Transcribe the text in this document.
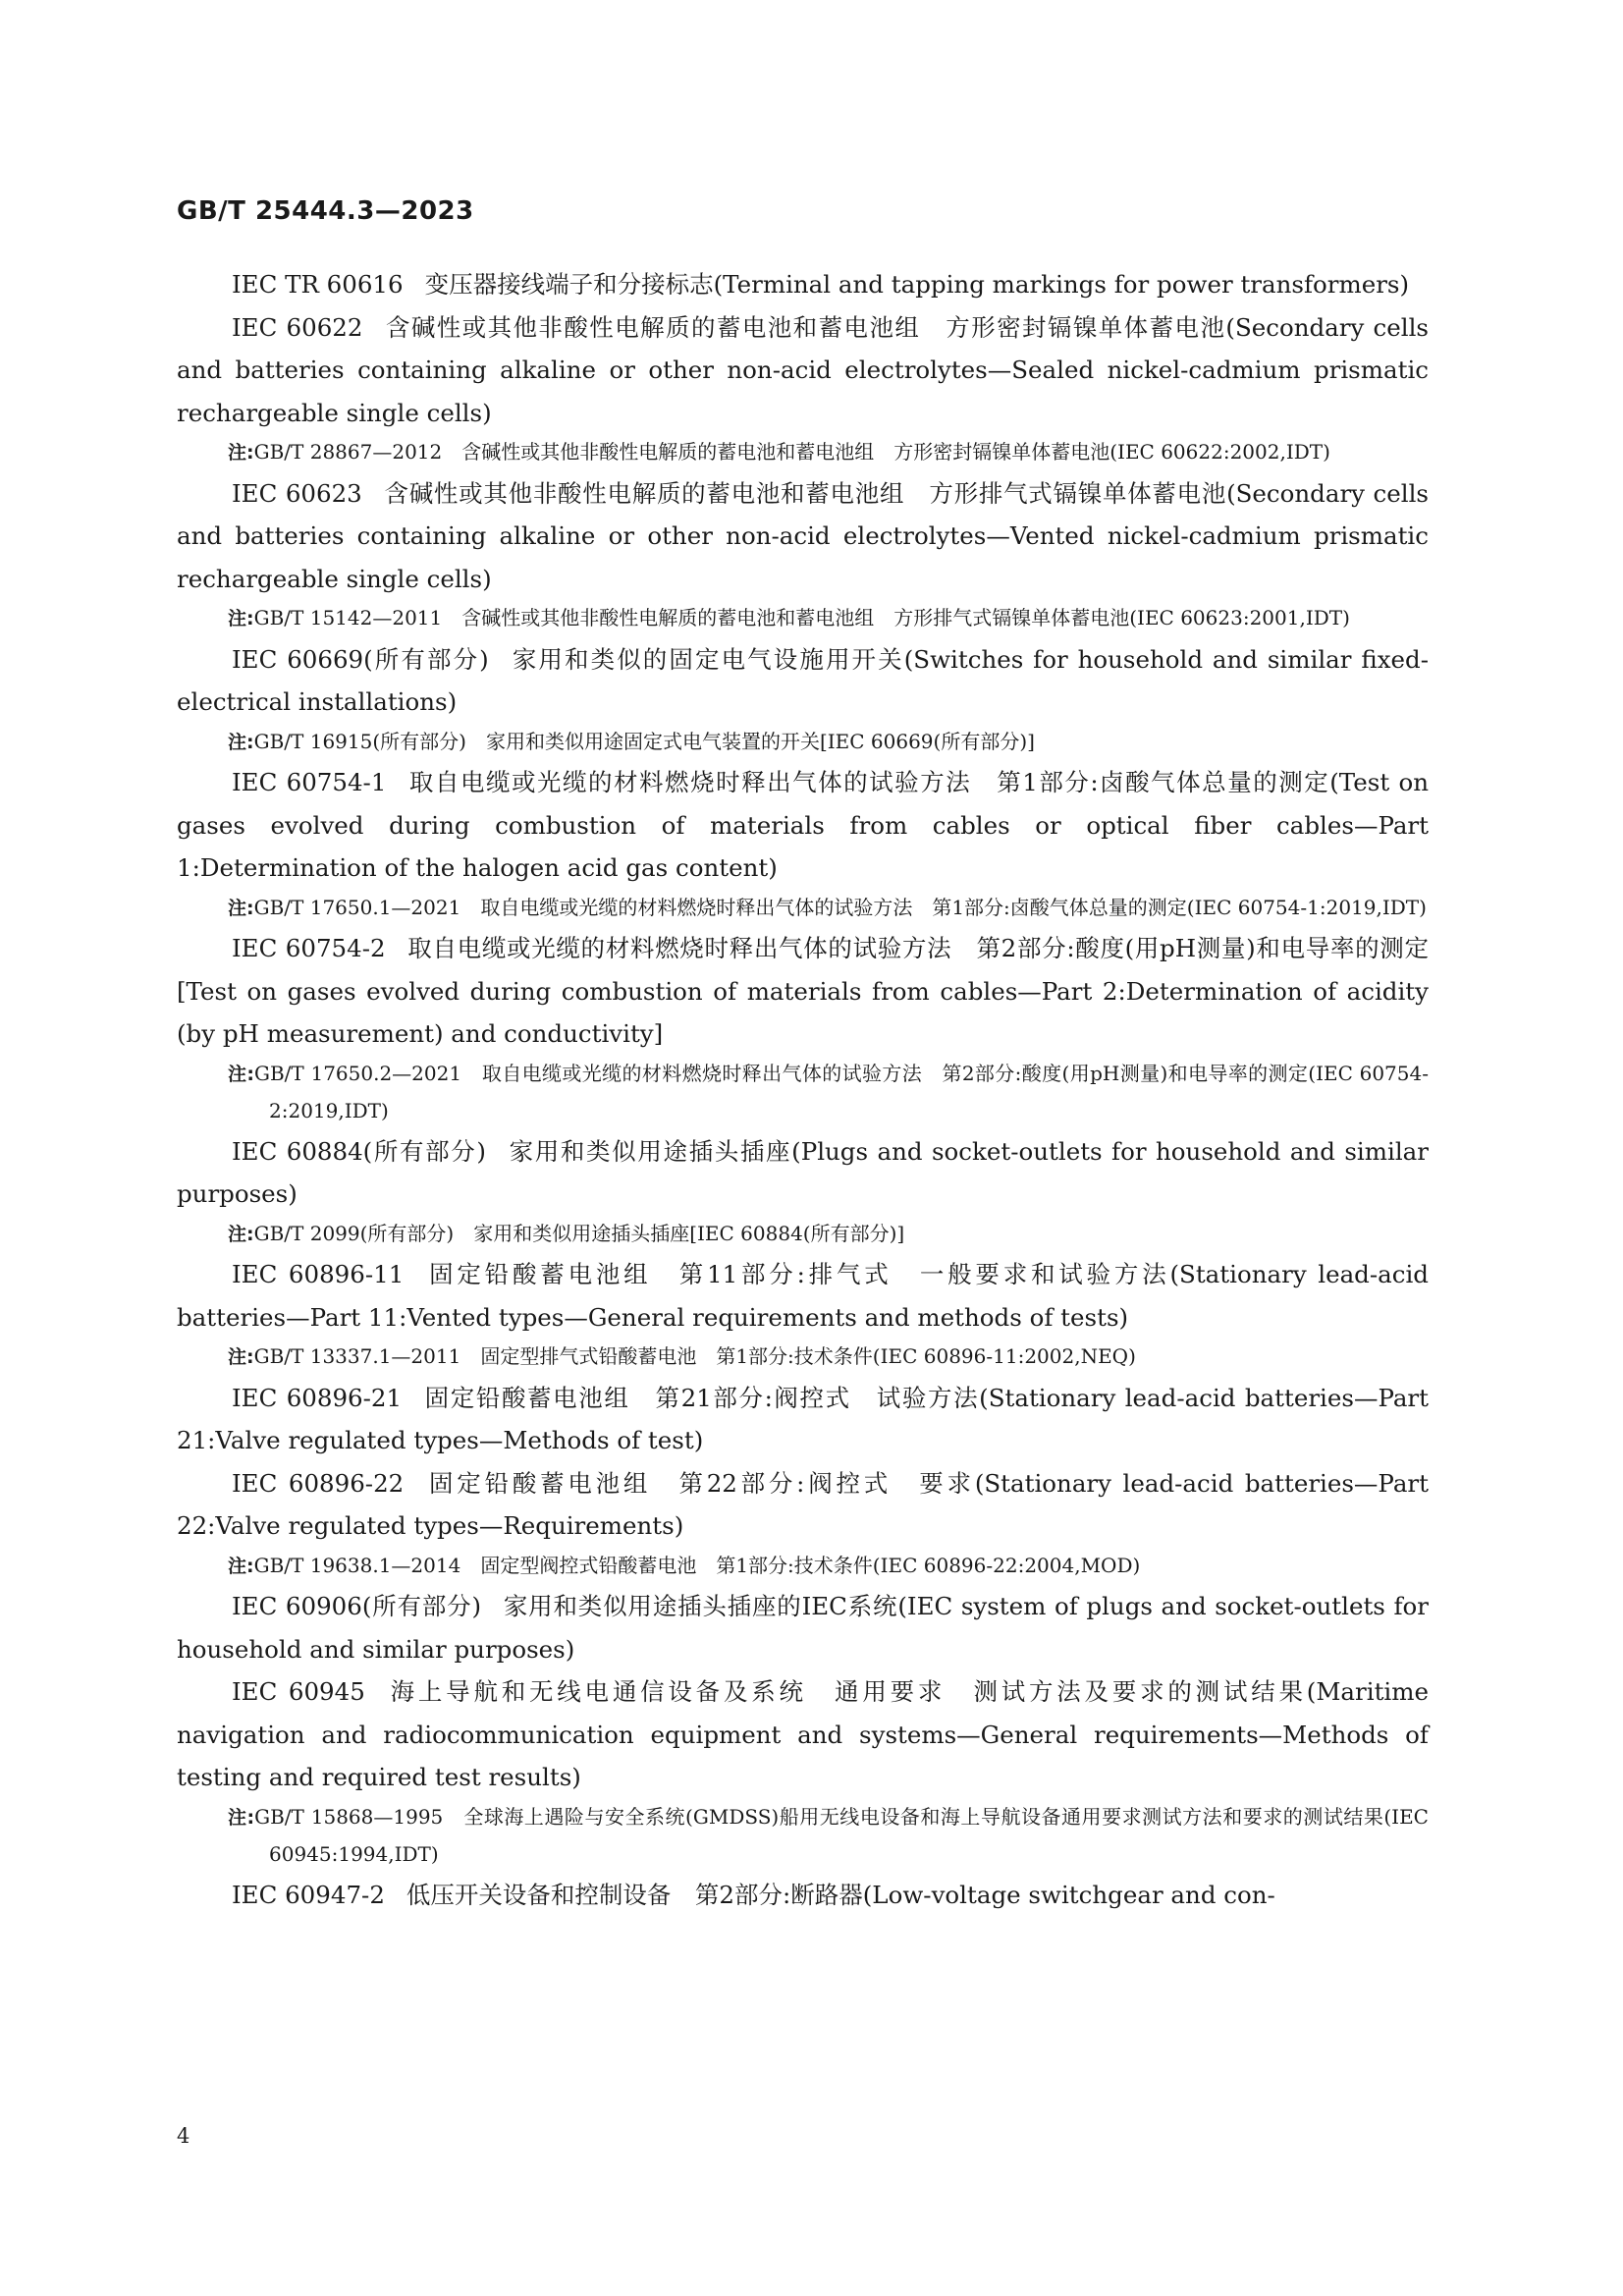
GB/T 25444.3—2023

IEC TR 60616 变压器接线端子和分接标志(Terminal and tapping markings for power transformers)

IEC 60622 含碱性或其他非酸性电解质的蓄电池和蓄电池组　方形密封镉镍单体蓄电池(Secondary cells and batteries containing alkaline or other non-acid electrolytes—Sealed nickel-cadmium prismatic rechargeable single cells)

注:GB/T 28867—2012　含碱性或其他非酸性电解质的蓄电池和蓄电池组　方形密封镉镍单体蓄电池(IEC 60622:2002,IDT)

IEC 60623 含碱性或其他非酸性电解质的蓄电池和蓄电池组　方形排气式镉镍单体蓄电池(Secondary cells and batteries containing alkaline or other non-acid electrolytes—Vented nickel-cadmium prismatic rechargeable single cells)

注:GB/T 15142—2011　含碱性或其他非酸性电解质的蓄电池和蓄电池组　方形排气式镉镍单体蓄电池(IEC 60623:2001,IDT)

IEC 60669(所有部分) 家用和类似的固定电气设施用开关(Switches for household and similar fixed-electrical installations)

注:GB/T 16915(所有部分)　家用和类似用途固定式电气装置的开关[IEC 60669(所有部分)]

IEC 60754-1 取自电缆或光缆的材料燃烧时释出气体的试验方法　第1部分:卤酸气体总量的测定(Test on gases evolved during combustion of materials from cables or optical fiber cables—Part 1:Determination of the halogen acid gas content)

注:GB/T 17650.1—2021　取自电缆或光缆的材料燃烧时释出气体的试验方法　第1部分:卤酸气体总量的测定(IEC 60754-1:2019,IDT)

IEC 60754-2 取自电缆或光缆的材料燃烧时释出气体的试验方法　第2部分:酸度(用pH测量)和电导率的测定[Test on gases evolved during combustion of materials from cables—Part 2:Determination of acidity (by pH measurement) and conductivity]

注:GB/T 17650.2—2021　取自电缆或光缆的材料燃烧时释出气体的试验方法　第2部分:酸度(用pH测量)和电导率的测定(IEC 60754-2:2019,IDT)

IEC 60884(所有部分) 家用和类似用途插头插座(Plugs and socket-outlets for household and similar purposes)

注:GB/T 2099(所有部分)　家用和类似用途插头插座[IEC 60884(所有部分)]

IEC 60896-11 固定铅酸蓄电池组　第11部分:排气式　一般要求和试验方法(Stationary lead-acid batteries—Part 11:Vented types—General requirements and methods of tests)

注:GB/T 13337.1—2011　固定型排气式铅酸蓄电池　第1部分:技术条件(IEC 60896-11:2002,NEQ)

IEC 60896-21 固定铅酸蓄电池组　第21部分:阀控式　试验方法(Stationary lead-acid batteries—Part 21:Valve regulated types—Methods of test)

IEC 60896-22 固定铅酸蓄电池组　第22部分:阀控式　要求(Stationary lead-acid batteries—Part 22:Valve regulated types—Requirements)

注:GB/T 19638.1—2014　固定型阀控式铅酸蓄电池　第1部分:技术条件(IEC 60896-22:2004,MOD)

IEC 60906(所有部分) 家用和类似用途插头插座的IEC系统(IEC system of plugs and socket-outlets for household and similar purposes)

IEC 60945 海上导航和无线电通信设备及系统　通用要求　测试方法及要求的测试结果(Maritime navigation and radiocommunication equipment and systems—General requirements—Methods of testing and required test results)

注:GB/T 15868—1995　全球海上遇险与安全系统(GMDSS)船用无线电设备和海上导航设备通用要求测试方法和要求的测试结果(IEC 60945:1994,IDT)

IEC 60947-2 低压开关设备和控制设备　第2部分:断路器(Low-voltage switchgear and con-

4
